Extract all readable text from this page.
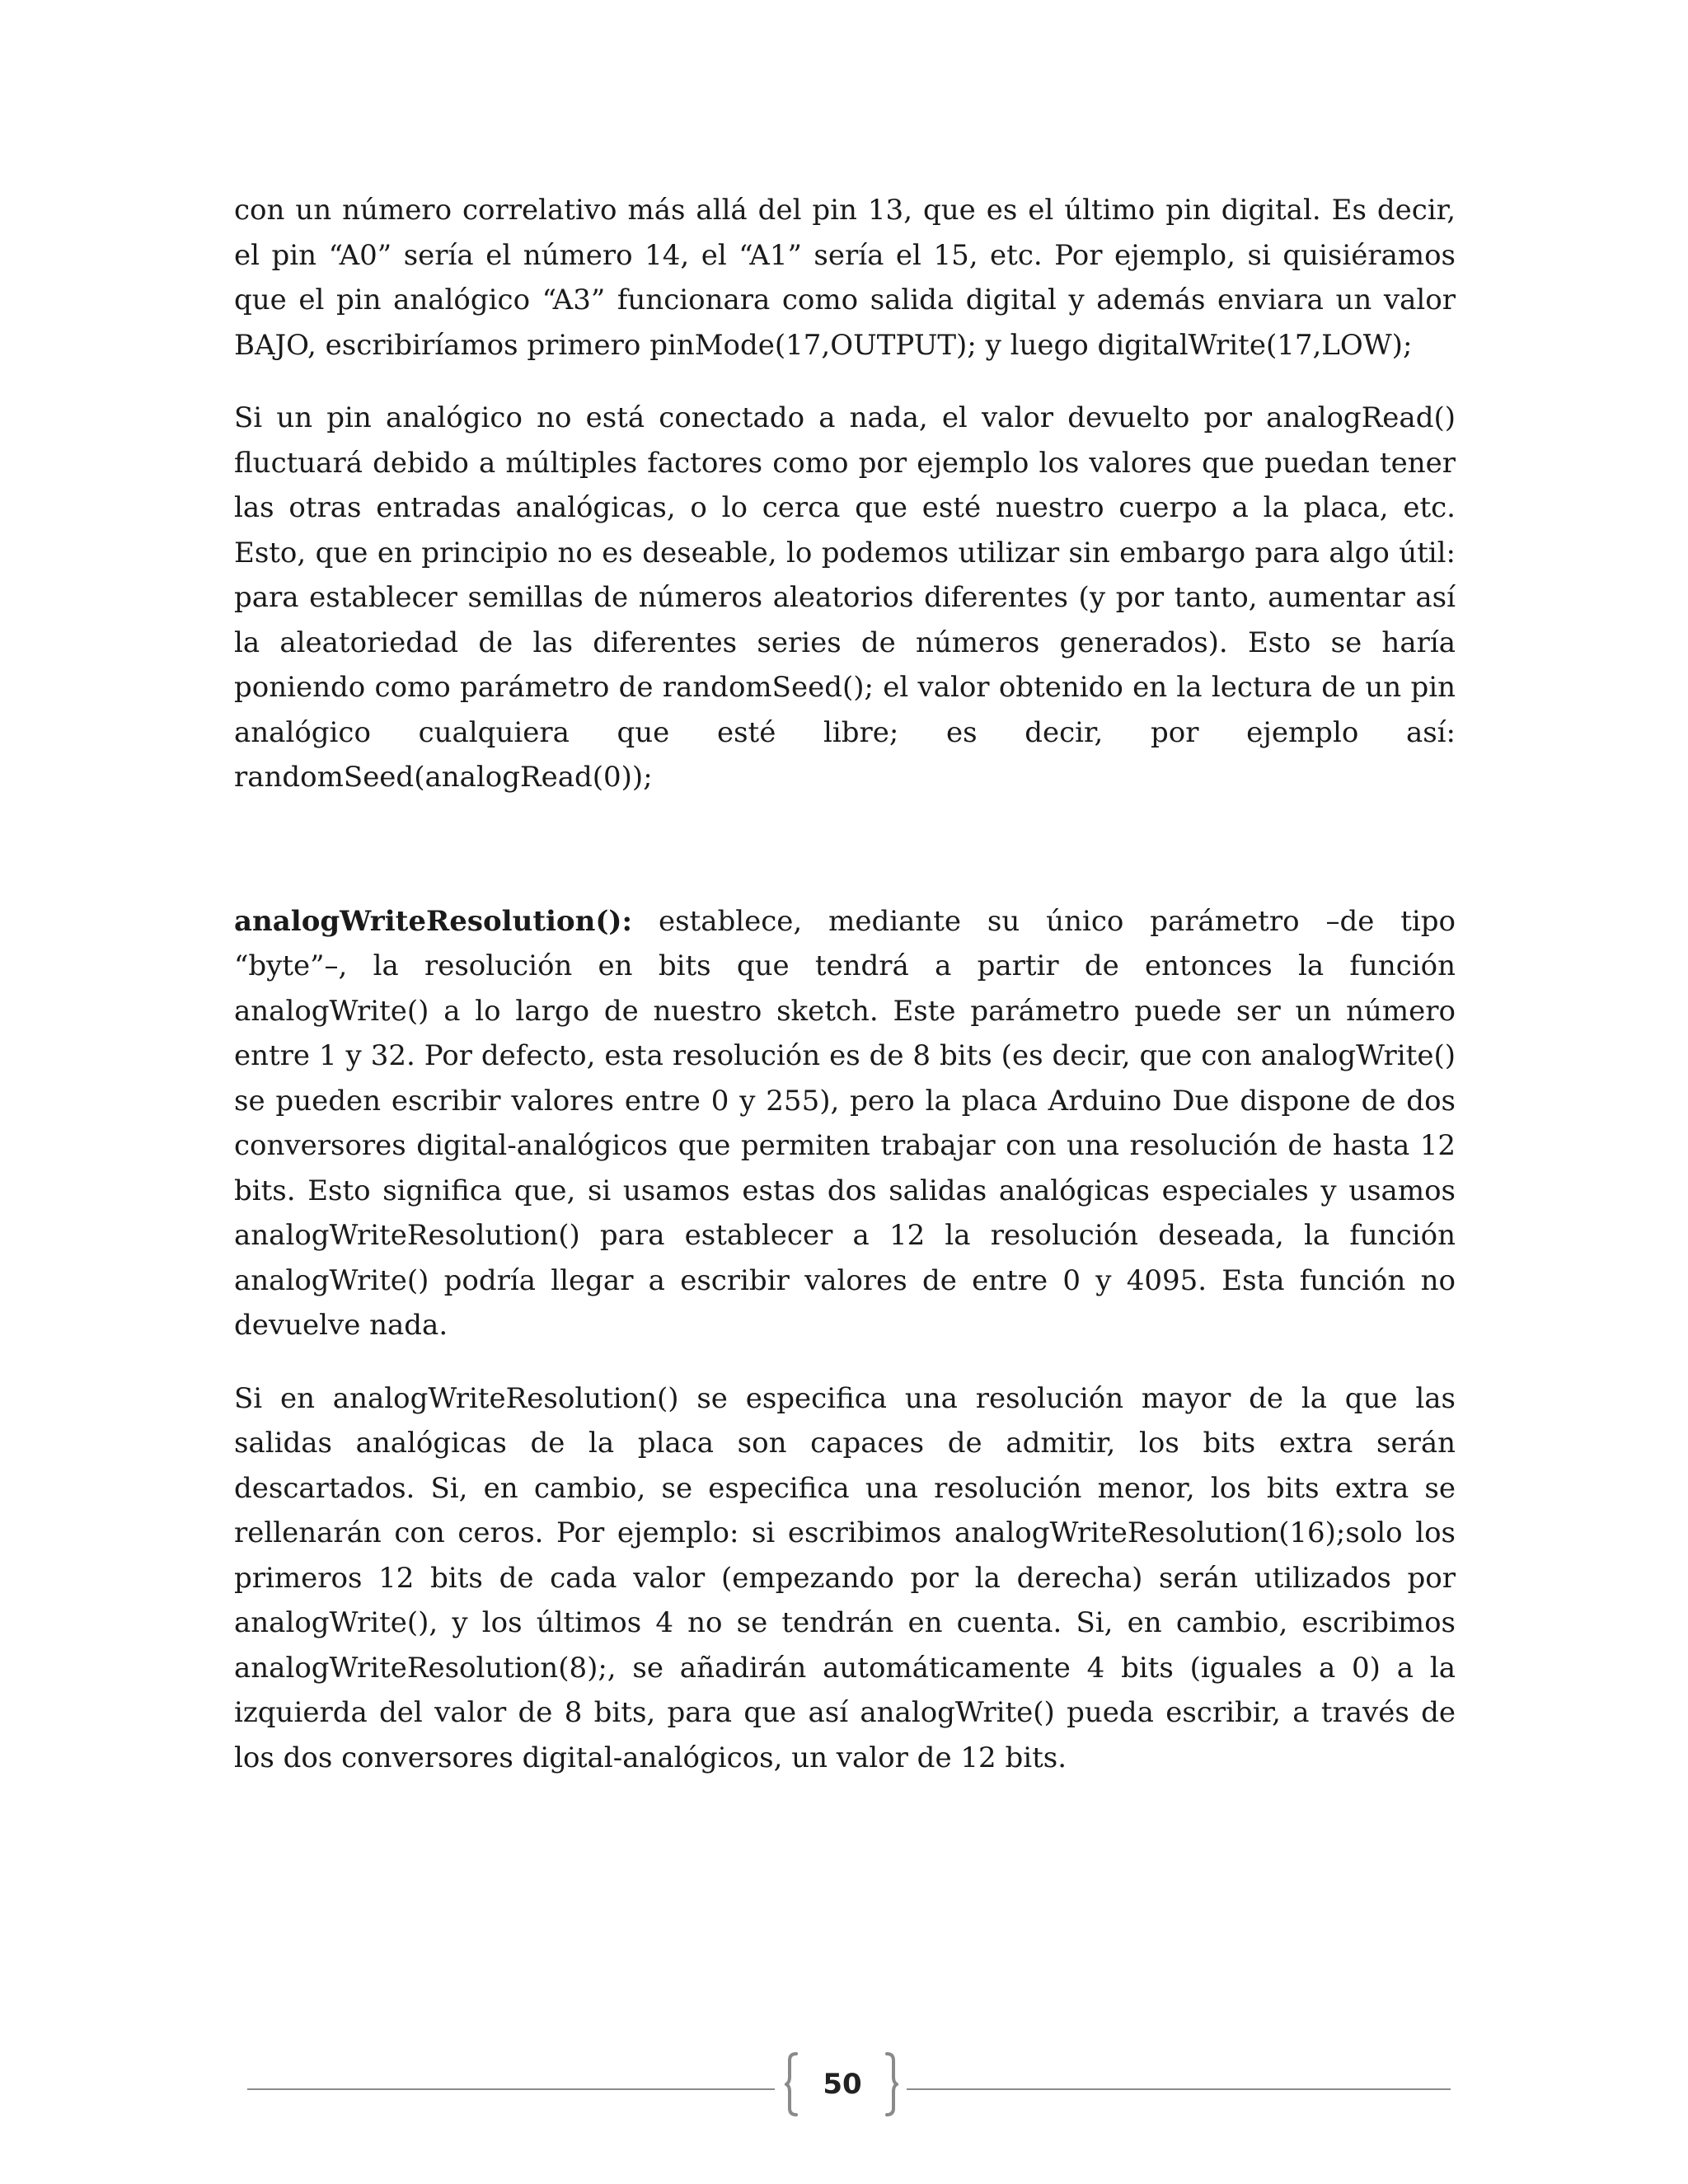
con un número correlativo más allá del pin 13, que es el último pin digital. Es decir, el pin “A0” sería el número 14, el “A1” sería el 15, etc. Por ejemplo, si quisiéramos que el pin analógico “A3” funcionara como salida digital y además enviara un valor BAJO, escribiríamos primero pinMode(17,OUTPUT); y luego digitalWrite(17,LOW);

Si un pin analógico no está conectado a nada, el valor devuelto por analogRead() fluctuará debido a múltiples factores como por ejemplo los valores que puedan tener las otras entradas analógicas, o lo cerca que esté nuestro cuerpo a la placa, etc. Esto, que en principio no es deseable, lo podemos utilizar sin embargo para algo útil: para establecer semillas de números aleatorios diferentes (y por tanto, aumentar así la aleatoriedad de las diferentes series de números generados). Esto se haría poniendo como parámetro de randomSeed(); el valor obtenido en la lectura de un pin analógico cualquiera que esté libre; es decir, por ejemplo así: randomSeed(analogRead(0));

analogWriteResolution(): establece, mediante su único parámetro –de tipo “byte”–, la resolución en bits que tendrá a partir de entonces la función analogWrite() a lo largo de nuestro sketch. Este parámetro puede ser un número entre 1 y 32. Por defecto, esta resolución es de 8 bits (es decir, que con analogWrite() se pueden escribir valores entre 0 y 255), pero la placa Arduino Due dispone de dos conversores digital-analógicos que permiten trabajar con una resolución de hasta 12 bits. Esto significa que, si usamos estas dos salidas analógicas especiales y usamos analogWriteResolution() para establecer a 12 la resolución deseada, la función analogWrite() podría llegar a escribir valores de entre 0 y 4095. Esta función no devuelve nada.

Si en analogWriteResolution() se especifica una resolución mayor de la que las salidas analógicas de la placa son capaces de admitir, los bits extra serán descartados. Si, en cambio, se especifica una resolución menor, los bits extra se rellenarán con ceros. Por ejemplo: si escribimos analogWriteResolution(16);solo los primeros 12 bits de cada valor (empezando por la derecha) serán utilizados por analogWrite(), y los últimos 4 no se tendrán en cuenta. Si, en cambio, escribimos analogWriteResolution(8);, se añadirán automáticamente 4 bits (iguales a 0) a la izquierda del valor de 8 bits, para que así analogWrite() pueda escribir, a través de los dos conversores digital-analógicos, un valor de 12 bits.

50
